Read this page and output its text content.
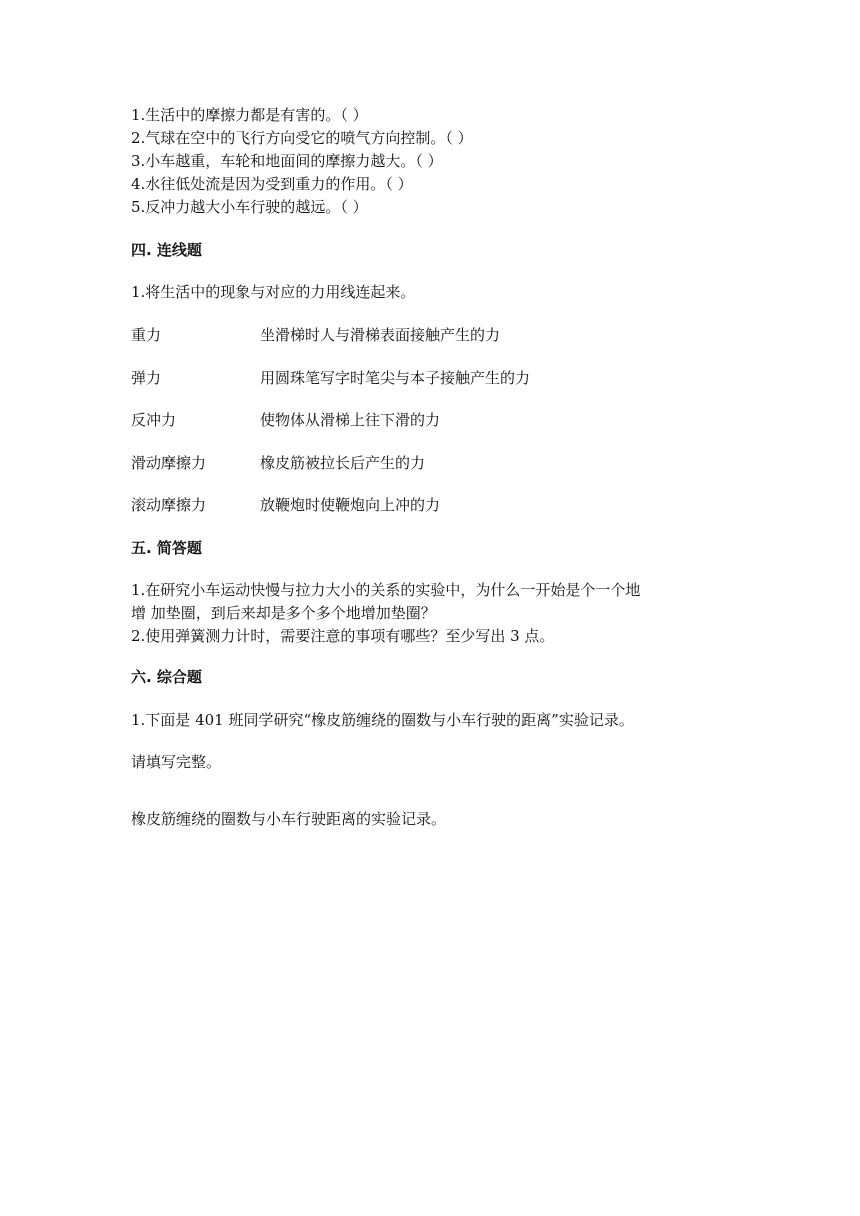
1.生活中的摩擦力都是有害的。（ ）
2.气球在空中的飞行方向受它的喷气方向控制。（ ）
3.小车越重，车轮和地面间的摩擦力越大。（ ）
4.水往低处流是因为受到重力的作用。（ ）
5.反冲力越大小车行驶的越远。（ ）
四. 连线题
1.将生活中的现象与对应的力用线连起来。
重力	坐滑梯时人与滑梯表面接触产生的力
弹力	用圆珠笔写字时笔尖与本子接触产生的力
反冲力	使物体从滑梯上往下滑的力
滑动摩擦力	橡皮筋被拉长后产生的力
滚动摩擦力	放鞭炮时使鞭炮向上冲的力
五. 简答题
1.在研究小车运动快慢与拉力大小的关系的实验中，为什么一开始是个一个地
增 加垫圈，到后来却是多个多个地增加垫圈？
2.使用弹簧测力计时，需要注意的事项有哪些？至少写出 3 点。
六. 综合题
1.下面是 401 班同学研究“橡皮筋缠绕的圈数与小车行驶的距离”实验记录。
请填写完整。
橡皮筋缠绕的圈数与小车行驶距离的实验记录。
